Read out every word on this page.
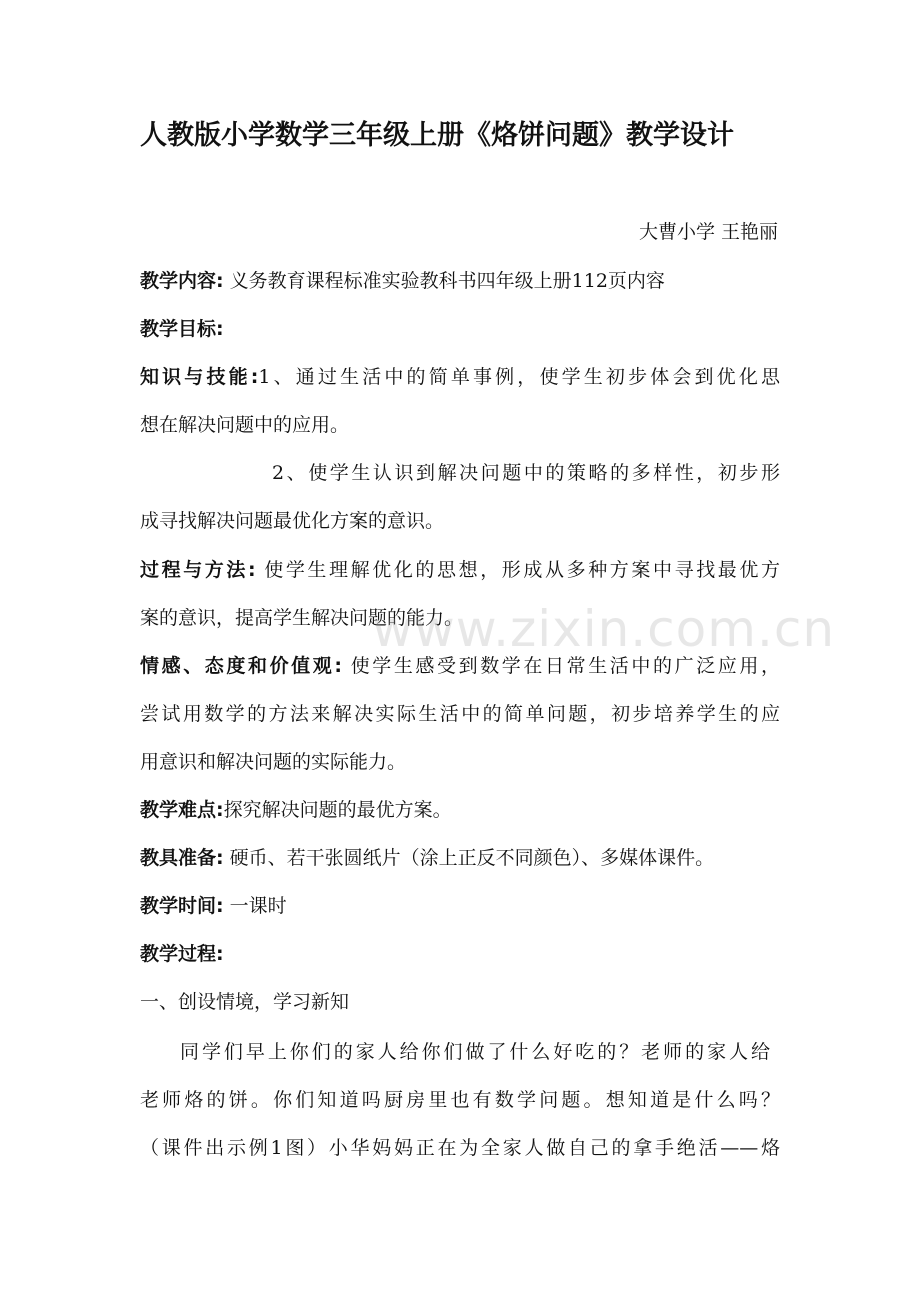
人教版小学数学三年级上册《烙饼问题》教学设计
大曹小学 王艳丽
教学内容: 义务教育课程标准实验教科书四年级上册112页内容
教学目标:
知识与技能:1、通过生活中的简单事例，使学生初步体会到优化思
想在解决问题中的应用。
2、使学生认识到解决问题中的策略的多样性，初步形
成寻找解决问题最优化方案的意识。
过程与方法: 使学生理解优化的思想，形成从多种方案中寻找最优方
案的意识，提高学生解决问题的能力。
情感、态度和价值观: 使学生感受到数学在日常生活中的广泛应用，
尝试用数学的方法来解决实际生活中的简单问题，初步培养学生的应
用意识和解决问题的实际能力。
教学难点:探究解决问题的最优方案。
教具准备: 硬币、若干张圆纸片（涂上正反不同颜色）、多媒体课件。
教学时间: 一课时
教学过程:
一、创设情境，学习新知
同学们早上你们的家人给你们做了什么好吃的？老师的家人给
老师烙的饼。你们知道吗厨房里也有数学问题。想知道是什么吗？
（课件出示例1图）小华妈妈正在为全家人做自己的拿手绝活——烙
www.zixin.com.cn
